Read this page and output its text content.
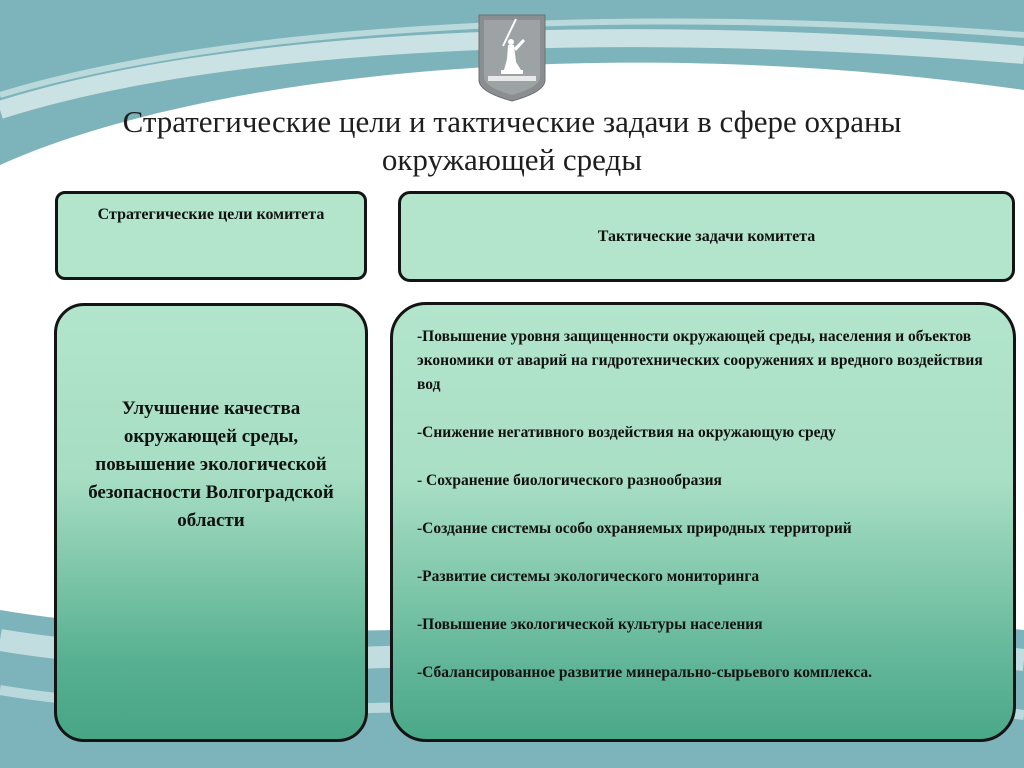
Стратегические цели и тактические задачи в сфере охраны окружающей среды
Стратегические цели комитета
Тактические задачи комитета
Улучшение качества окружающей среды, повышение экологической безопасности Волгоградской области

-Повышение уровня защищенности окружающей среды, населения и объектов экономики от аварий на гидротехнических сооружениях и вредного воздействия вод

-Снижение негативного воздействия на окружающую среду

- Сохранение биологического разнообразия

-Создание системы особо охраняемых природных территорий

-Развитие системы экологического мониторинга

-Повышение экологической культуры населения

-Сбалансированное развитие минерально-сырьевого комплекса.
